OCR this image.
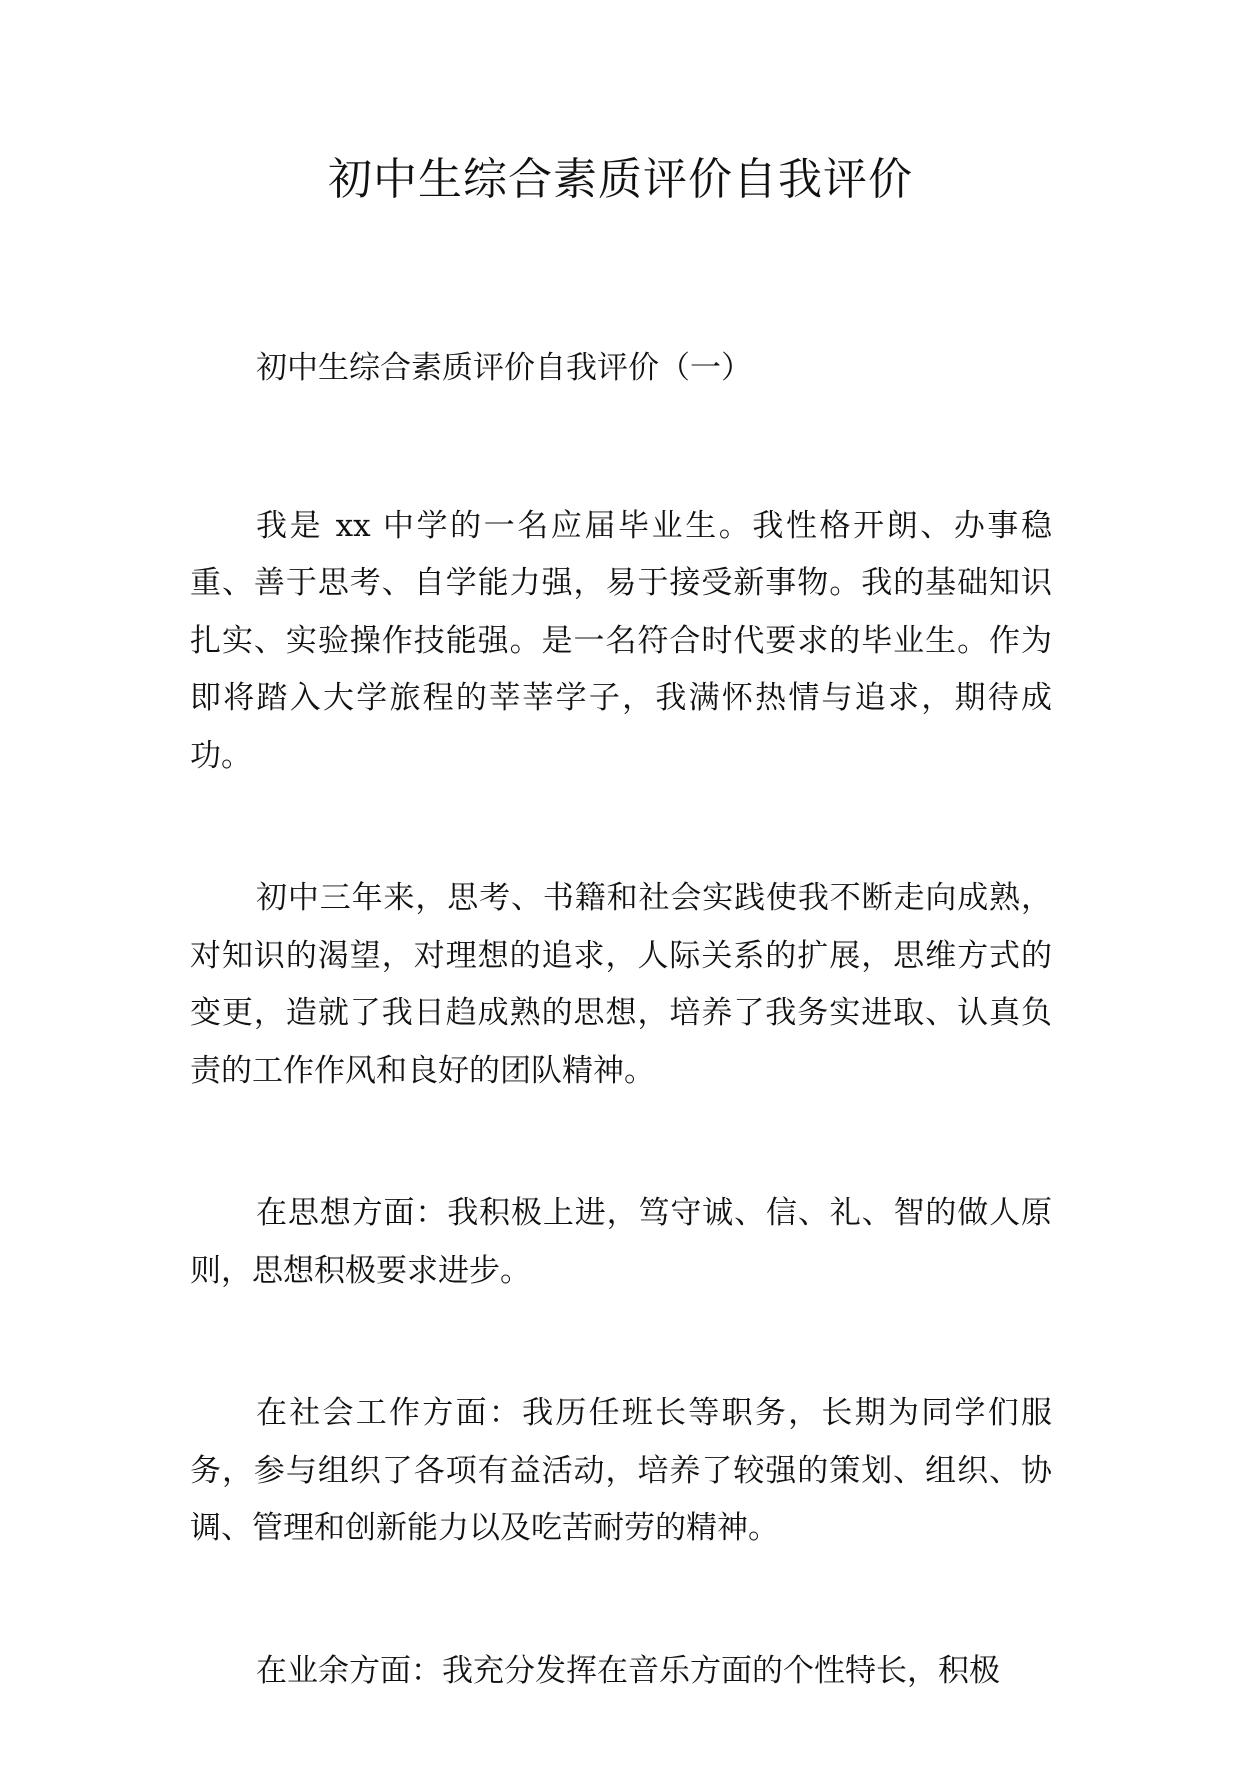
初中生综合素质评价自我评价

初中生综合素质评价自我评价（一）

我是 xx 中学的一名应届毕业生。我性格开朗、办事稳重、善于思考、自学能力强，易于接受新事物。我的基础知识扎实、实验操作技能强。是一名符合时代要求的毕业生。作为即将踏入大学旅程的莘莘学子，我满怀热情与追求，期待成功。

初中三年来，思考、书籍和社会实践使我不断走向成熟，对知识的渴望，对理想的追求，人际关系的扩展，思维方式的变更，造就了我日趋成熟的思想，培养了我务实进取、认真负责的工作作风和良好的团队精神。

在思想方面：我积极上进，笃守诚、信、礼、智的做人原则，思想积极要求进步。

在社会工作方面：我历任班长等职务，长期为同学们服务，参与组织了各项有益活动，培养了较强的策划、组织、协调、管理和创新能力以及吃苦耐劳的精神。

在业余方面：我充分发挥在音乐方面的个性特长，积极
